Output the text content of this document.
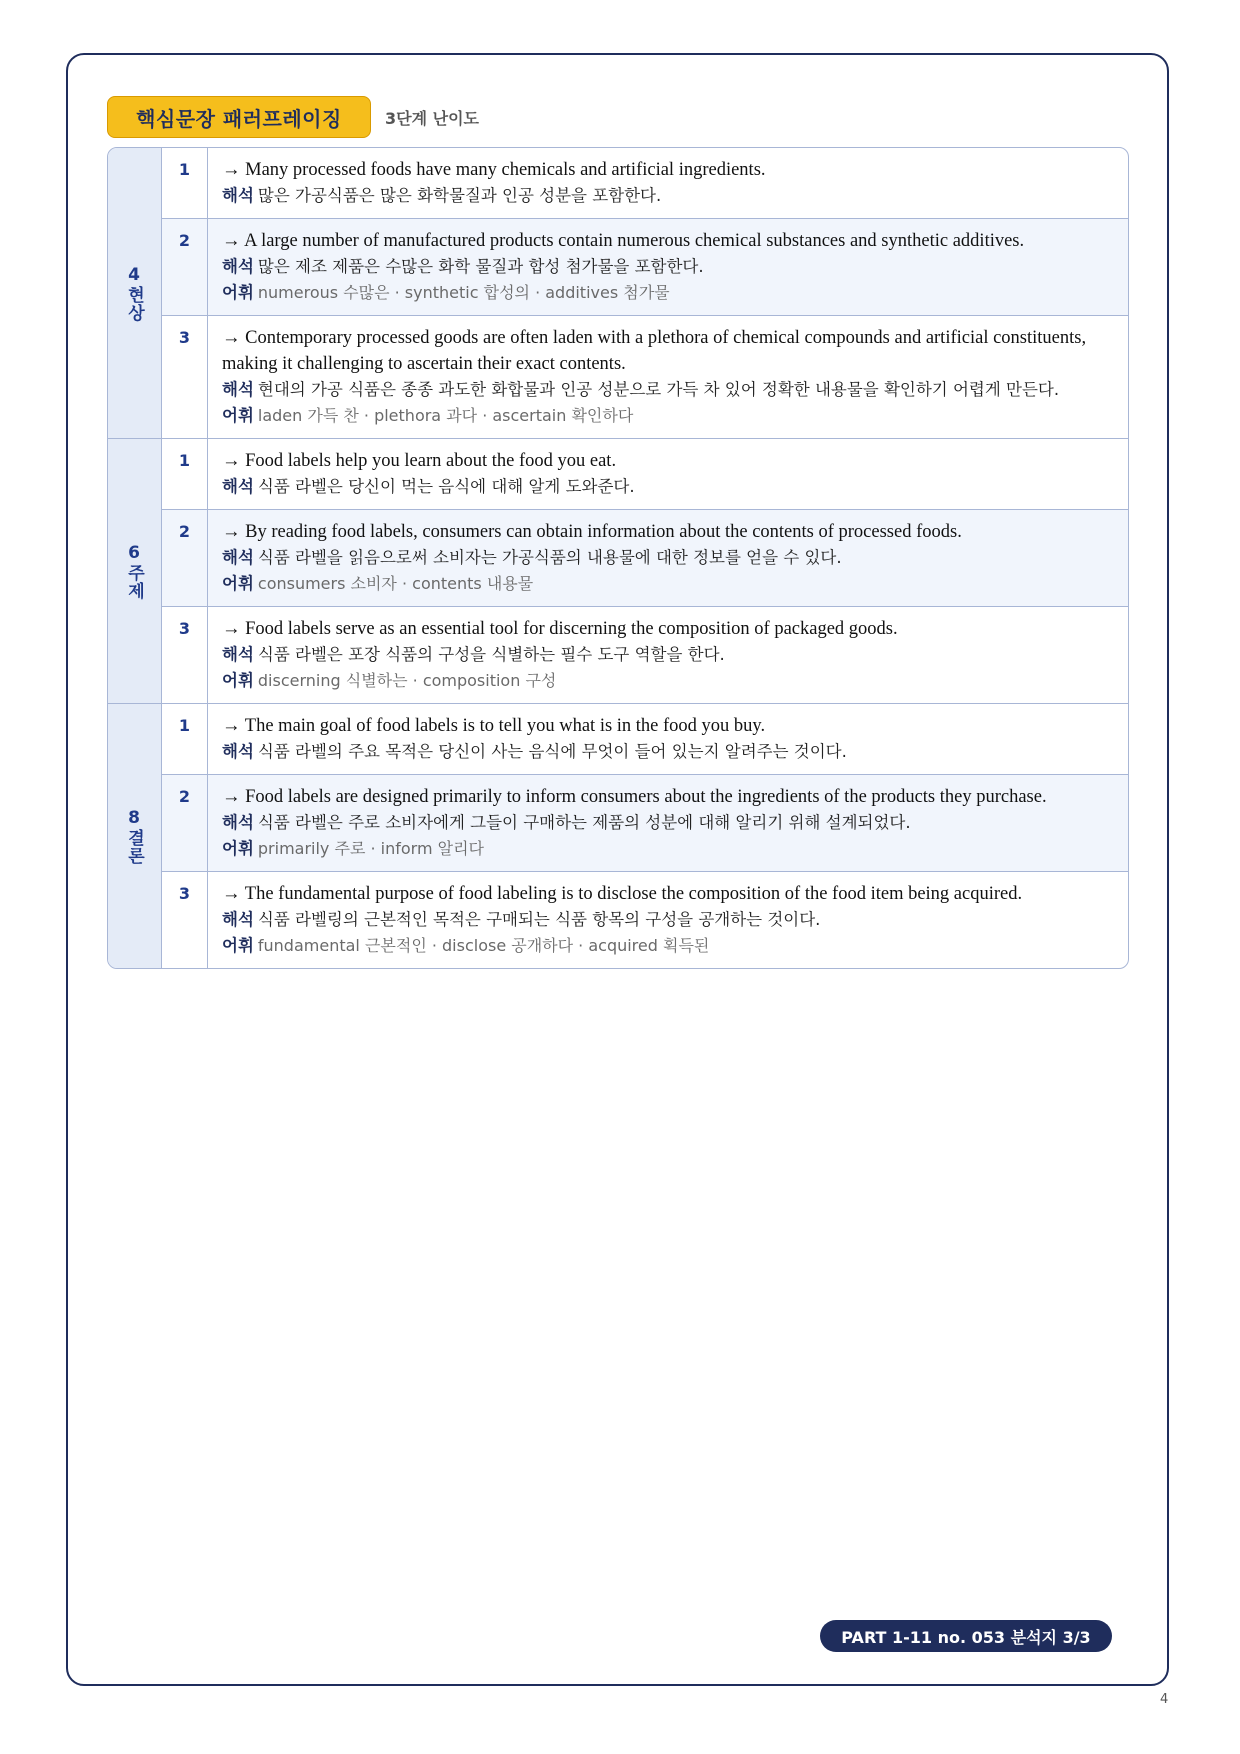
핵심문장 패러프레이징	3단계 난이도
4현상
1	→ Many processed foods have many chemicals and artificial ingredients.
해석 많은 가공식품은 많은 화학물질과 인공 성분을 포함한다.
2	→ A large number of manufactured products contain numerous chemical substances and synthetic additives.
해석 많은 제조 제품은 수많은 화학 물질과 합성 첨가물을 포함한다.
어휘 numerous 수많은 · synthetic 합성의 · additives 첨가물
3	→ Contemporary processed goods are often laden with a plethora of chemical compounds and artificial constituents, making it challenging to ascertain their exact contents.
해석 현대의 가공 식품은 종종 과도한 화합물과 인공 성분으로 가득 차 있어 정확한 내용물을 확인하기 어렵게 만든다.
어휘 laden 가득 찬 · plethora 과다 · ascertain 확인하다
6주제
1	→ Food labels help you learn about the food you eat.
해석 식품 라벨은 당신이 먹는 음식에 대해 알게 도와준다.
2	→ By reading food labels, consumers can obtain information about the contents of processed foods.
해석 식품 라벨을 읽음으로써 소비자는 가공식품의 내용물에 대한 정보를 얻을 수 있다.
어휘 consumers 소비자 · contents 내용물
3	→ Food labels serve as an essential tool for discerning the composition of packaged goods.
해석 식품 라벨은 포장 식품의 구성을 식별하는 필수 도구 역할을 한다.
어휘 discerning 식별하는 · composition 구성
8결론
1	→ The main goal of food labels is to tell you what is in the food you buy.
해석 식품 라벨의 주요 목적은 당신이 사는 음식에 무엇이 들어 있는지 알려주는 것이다.
2	→ Food labels are designed primarily to inform consumers about the ingredients of the products they purchase.
해석 식품 라벨은 주로 소비자에게 그들이 구매하는 제품의 성분에 대해 알리기 위해 설계되었다.
어휘 primarily 주로 · inform 알리다
3	→ The fundamental purpose of food labeling is to disclose the composition of the food item being acquired.
해석 식품 라벨링의 근본적인 목적은 구매되는 식품 항목의 구성을 공개하는 것이다.
어휘 fundamental 근본적인 · disclose 공개하다 · acquired 획득된
PART 1-11 no. 053 분석지 3/3
4
